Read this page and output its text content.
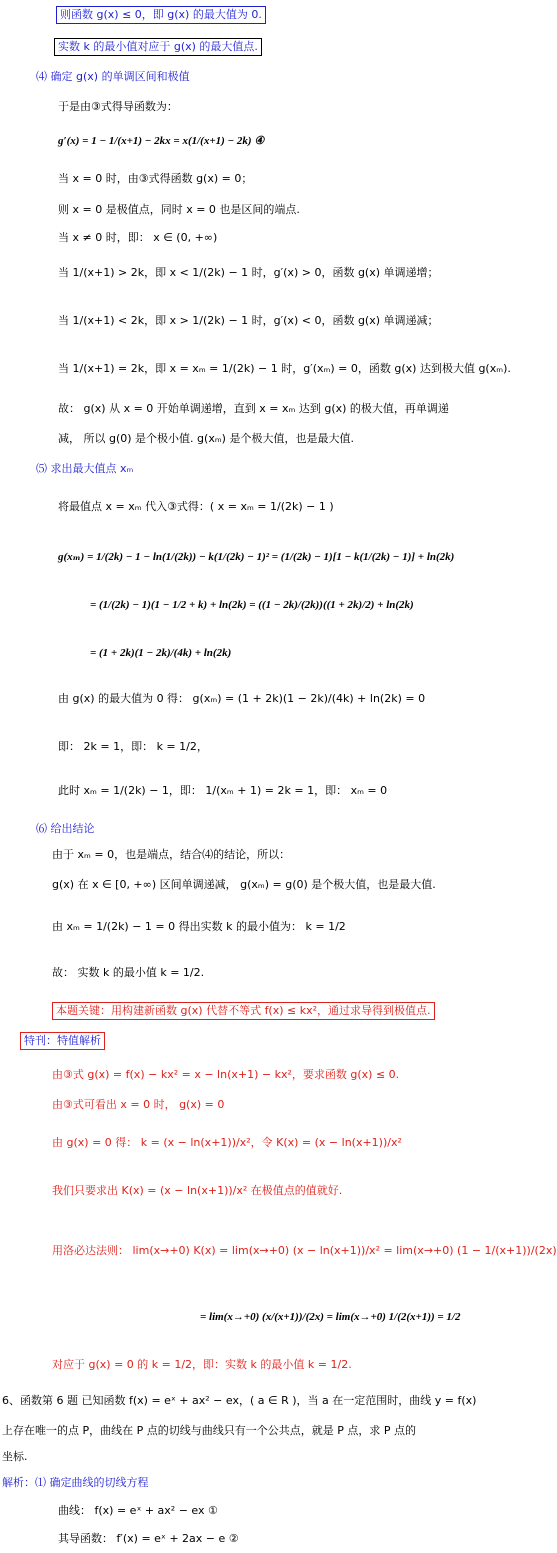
则函数 g(x) ≤ 0，即 g(x) 的最大值为 0.
实数 k 的最小值对应于 g(x) 的最大值点.
⑷ 确定 g(x) 的单调区间和极值
于是由③式得导函数为：
g′(x) = 1 − 1/(x+1) − 2kx = x(1/(x+1) − 2k) ④
当 x = 0 时，由③式得函数 g(x) = 0；
则 x = 0 是极值点，同时 x = 0 也是区间的端点.
当 x ≠ 0 时，即： x ∈ (0, +∞)
当 1/(x+1) > 2k，即 x < 1/(2k) − 1 时，g′(x) > 0，函数 g(x) 单调递增；
当 1/(x+1) < 2k，即 x > 1/(2k) − 1 时，g′(x) < 0，函数 g(x) 单调递减；
当 1/(x+1) = 2k，即 x = xₘ = 1/(2k) − 1 时，g′(xₘ) = 0，函数 g(x) 达到极大值 g(xₘ).
故： g(x) 从 x = 0 开始单调递增，直到 x = xₘ 达到 g(x) 的极大值，再单调递
减， 所以 g(0) 是个极小值. g(xₘ) 是个极大值，也是最大值.
⑸ 求出最大值点 xₘ
将最值点 x = xₘ 代入③式得：( x = xₘ = 1/(2k) − 1 )
g(xₘ) = 1/(2k) − 1 − ln(1/(2k)) − k(1/(2k) − 1)² = (1/(2k) − 1)[1 − k(1/(2k) − 1)] + ln(2k)
= (1/(2k) − 1)(1 − 1/2 + k) + ln(2k) = ((1 − 2k)/(2k))((1 + 2k)/2) + ln(2k)
= (1 + 2k)(1 − 2k)/(4k) + ln(2k)
由 g(x) 的最大值为 0 得： g(xₘ) = (1 + 2k)(1 − 2k)/(4k) + ln(2k) = 0
即： 2k = 1，即： k = 1/2，
此时 xₘ = 1/(2k) − 1，即： 1/(xₘ + 1) = 2k = 1，即： xₘ = 0
⑹ 给出结论
由于 xₘ = 0，也是端点，结合⑷的结论，所以：
g(x) 在 x ∈ [0, +∞) 区间单调递减， g(xₘ) = g(0) 是个极大值，也是最大值.
由 xₘ = 1/(2k) − 1 = 0 得出实数 k 的最小值为： k = 1/2
故： 实数 k 的最小值 k = 1/2.
本题关键：用构建新函数 g(x) 代替不等式 f(x) ≤ kx²，通过求导得到极值点.
特刊：特值解析
由③式 g(x) = f(x) − kx² = x − ln(x+1) − kx²，要求函数 g(x) ≤ 0.
由③式可看出 x = 0 时， g(x) = 0
由 g(x) = 0 得： k = (x − ln(x+1))/x²，令 K(x) = (x − ln(x+1))/x²
我们只要求出 K(x) = (x − ln(x+1))/x² 在极值点的值就好.
用洛必达法则： lim(x→+0) K(x) = lim(x→+0) (x − ln(x+1))/x² = lim(x→+0) (1 − 1/(x+1))/(2x)
= lim(x→+0) (x/(x+1))/(2x) = lim(x→+0) 1/(2(x+1)) = 1/2
对应于 g(x) = 0 的 k = 1/2，即：实数 k 的最小值 k = 1/2.
6、函数第 6 题 已知函数 f(x) = eˣ + ax² − ex，( a ∈ R )，当 a 在一定范围时，曲线 y = f(x)
上存在唯一的点 P，曲线在 P 点的切线与曲线只有一个公共点，就是 P 点，求 P 点的
坐标.
解析：⑴ 确定曲线的切线方程
曲线： f(x) = eˣ + ax² − ex ①
其导函数： f′(x) = eˣ + 2ax − e ②
